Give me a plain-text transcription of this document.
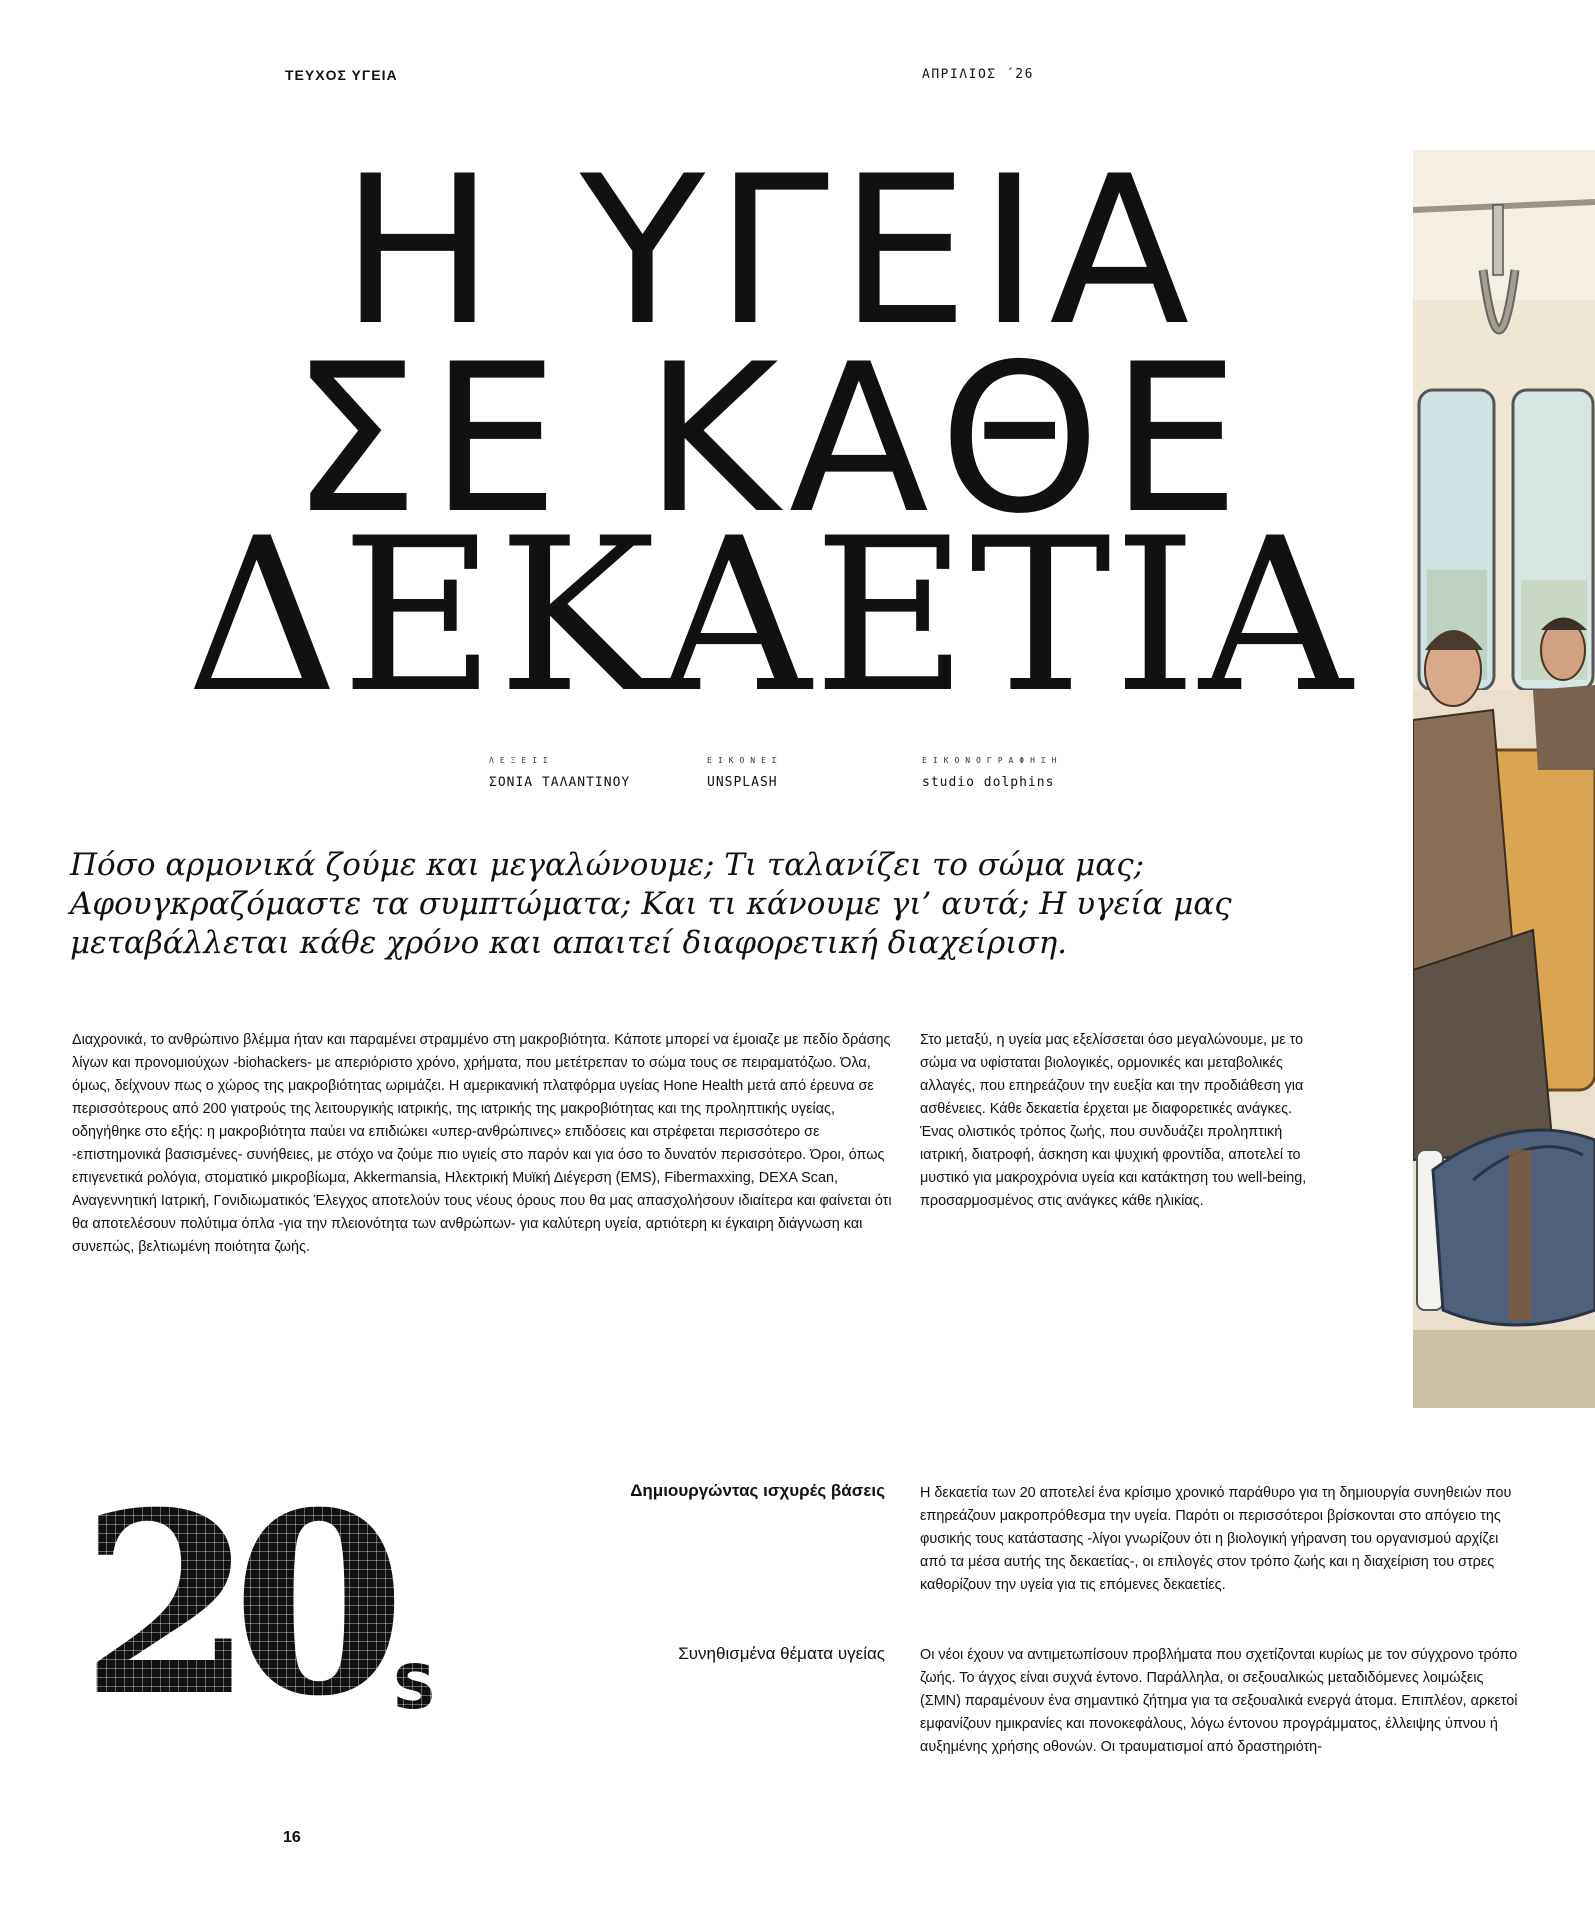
ΤΕΥΧΟΣ ΥΓΕΙΑ	ΑΠΡΙΛΙΟΣ ΄26
Η ΥΓΕΙΑ
ΣΕ ΚΑΘΕ
ΔΕΚΑΕΤΙΑ
ΛΕΞΕΙΣ
ΣΟΝΙΑ ΤΑΛΑΝΤΙΝΟΥ
ΕΙΚΟΝΕΣ
UNSPLASH
ΕΙΚΟΝΟΓΡΑΦΗΣΗ
studio dolphins
Πόσο αρμονικά ζούμε και μεγαλώνουμε; Τι ταλανίζει το σώμα μας; Αφουγκραζόμαστε τα συμπτώματα; Και τι κάνουμε γι’ αυτά; Η υγεία μας μεταβάλλεται κάθε χρόνο και απαιτεί διαφορετική διαχείριση.
Διαχρονικά, το ανθρώπινο βλέμμα ήταν και παραμένει στραμμένο στη μακροβιότητα. Κάποτε μπορεί να έμοιαζε με πεδίο δράσης λίγων και προνομιούχων -biohackers- με απεριόριστο χρόνο, χρήματα, που μετέτρεπαν το σώμα τους σε πειραματόζωο. Όλα, όμως, δείχνουν πως ο χώρος της μακροβιότητας ωριμάζει. Η αμερικανική πλατφόρμα υγείας Hone Health μετά από έρευνα σε περισσότερους από 200 γιατρούς της λειτουργικής ιατρικής, της ιατρικής της μακροβιότητας και της προληπτικής υγείας, οδηγήθηκε στο εξής: η μακροβιότητα παύει να επιδιώκει «υπερ-ανθρώπινες» επιδόσεις και στρέφεται περισσότερο σε -επιστημονικά βασισμένες- συνήθειες, με στόχο να ζούμε πιο υγιείς στο παρόν και για όσο το δυνατόν περισσότερο. Όροι, όπως επιγενετικά ρολόγια, στοματικό μικροβίωμα, Akkermansia, Ηλεκτρική Μυϊκή Διέγερση (EMS), Fibermaxxing, DEXA Scan, Αναγεννητική Ιατρική, Γονιδιωματικός Έλεγχος αποτελούν τους νέους όρους που θα μας απασχολήσουν ιδιαίτερα και φαίνεται ότι θα αποτελέσουν πολύτιμα όπλα -για την πλειονότητα των ανθρώπων- για καλύτερη υγεία, αρτιότερη κι έγκαιρη διάγνωση και συνεπώς, βελτιωμένη ποιότητα ζωής.
Στο μεταξύ, η υγεία μας εξελίσσεται όσο μεγαλώνουμε, με το σώμα να υφίσταται βιολογικές, ορμονικές και μεταβολικές αλλαγές, που επηρεάζουν την ευεξία και την προδιάθεση για ασθένειες. Κάθε δεκαετία έρχεται με διαφορετικές ανάγκες. Ένας ολιστικός τρόπος ζωής, που συνδυάζει προληπτική ιατρική, διατροφή, άσκηση και ψυχική φροντίδα, αποτελεί το μυστικό για μακροχρόνια υγεία και κατάκτηση του well-being, προσαρμοσμένος στις ανάγκες κάθε ηλικίας.
20 s
Δημιουργώντας ισχυρές βάσεις Η δεκαετία των 20 αποτελεί ένα κρίσιμο χρονικό παράθυρο για τη δημιουργία συνηθειών που επηρεάζουν μακροπρόθεσμα την υγεία. Παρότι οι περισσότεροι βρίσκονται στο απόγειο της φυσικής τους κατάστασης -λίγοι γνωρίζουν ότι η βιολογική γήρανση του οργανισμού αρχίζει από τα μέσα αυτής της δεκαετίας-, οι επιλογές στον τρόπο ζωής και η διαχείριση του στρες καθορίζουν την υγεία για τις επόμενες δεκαετίες.
Συνηθισμένα θέματα υγείας Οι νέοι έχουν να αντιμετωπίσουν προβλήματα που σχετίζονται κυρίως με τον σύγχρονο τρόπο ζωής. Το άγχος είναι συχνά έντονο. Παράλληλα, οι σεξουαλικώς μεταδιδόμενες λοιμώξεις (ΣΜΝ) παραμένουν ένα σημαντικό ζήτημα για τα σεξουαλικά ενεργά άτομα. Επιπλέον, αρκετοί εμφανίζουν ημικρανίες και πονοκεφάλους, λόγω έντονου προγράμματος, έλλειψης ύπνου ή αυξημένης χρήσης οθονών. Οι τραυματισμοί από δραστηριότη-
16
